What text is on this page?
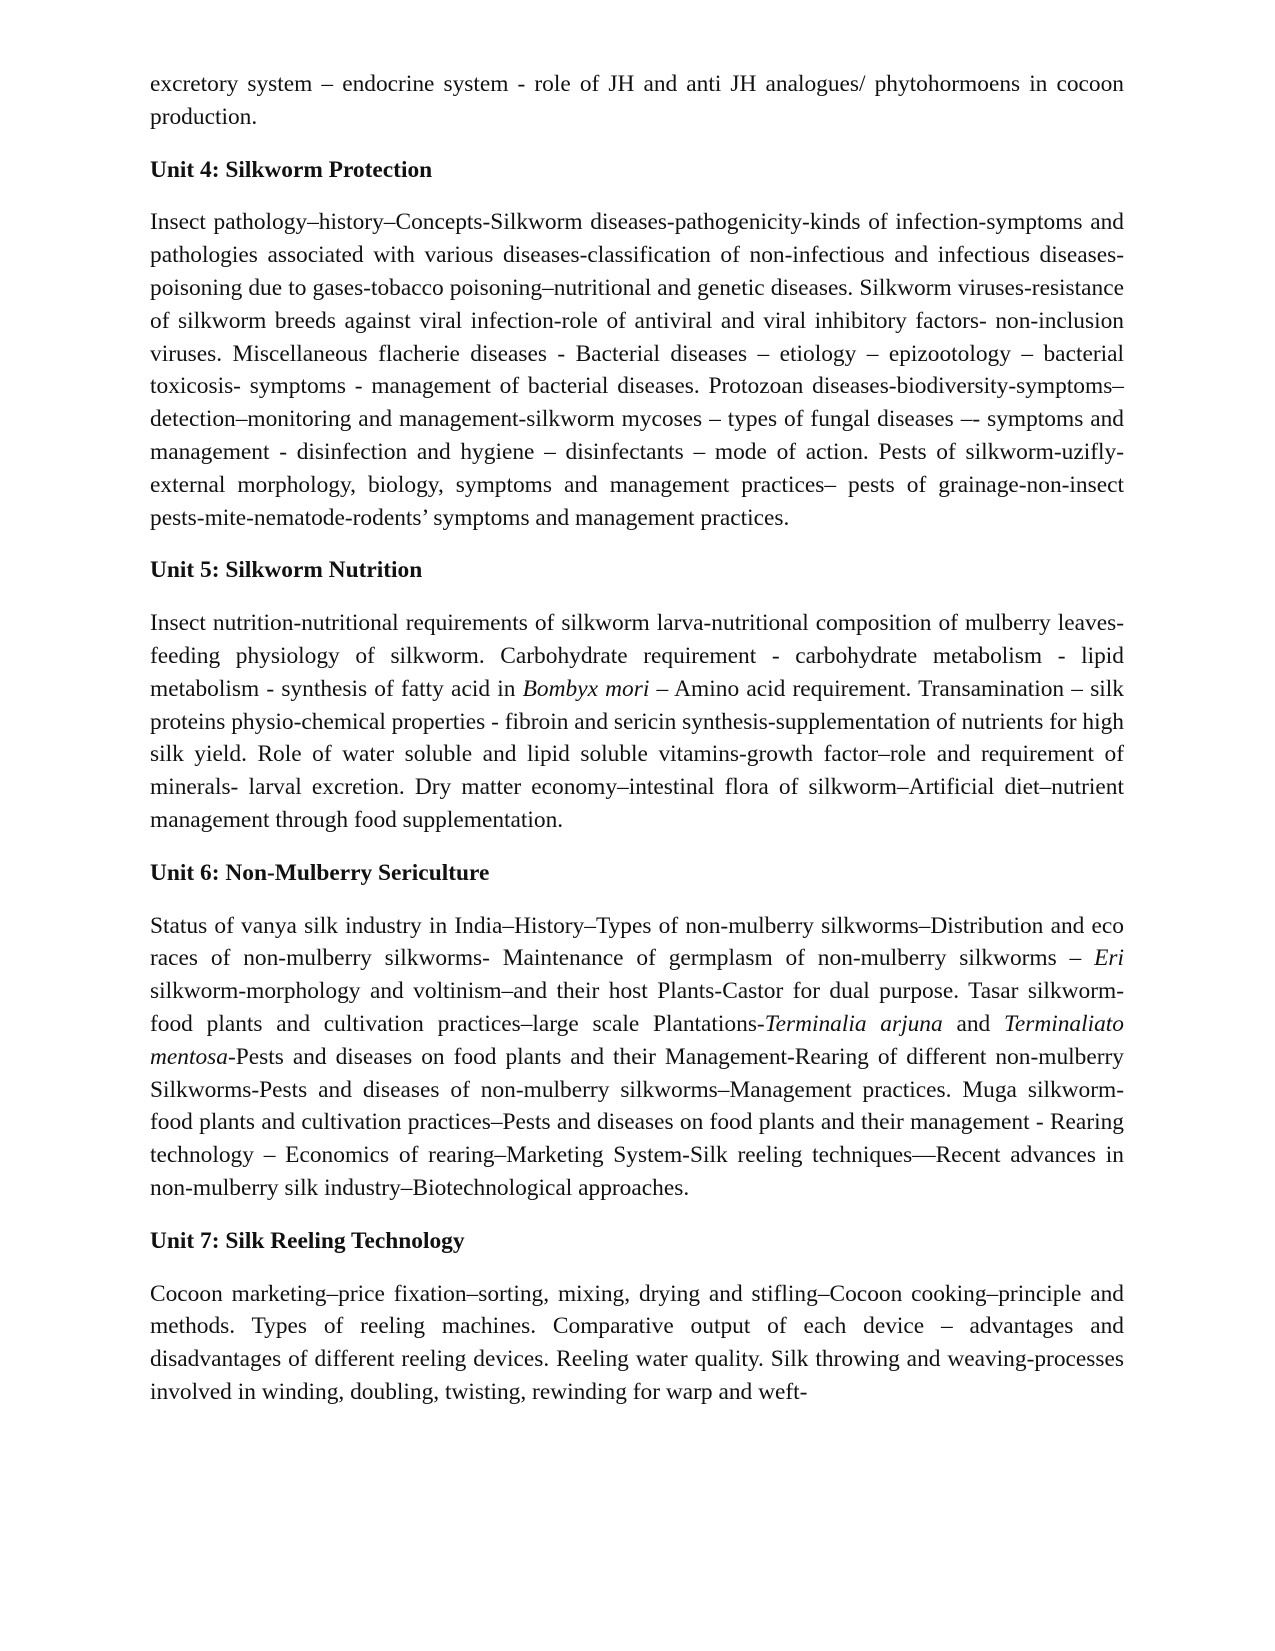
excretory system – endocrine system - role of JH and anti JH analogues/ phytohormoens in cocoon production.

Unit 4: Silkworm Protection

Insect pathology–history–Concepts-Silkworm diseases-pathogenicity-kinds of infection-symptoms and pathologies associated with various diseases-classification of non-infectious and infectious diseases-poisoning due to gases-tobacco poisoning–nutritional and genetic diseases. Silkworm viruses-resistance of silkworm breeds against viral infection-role of antiviral and viral inhibitory factors- non-inclusion viruses. Miscellaneous flacherie diseases - Bacterial diseases – etiology – epizootology – bacterial toxicosis- symptoms - management of bacterial diseases. Protozoan diseases-biodiversity-symptoms–detection–monitoring and management-silkworm mycoses – types of fungal diseases –- symptoms and management - disinfection and hygiene – disinfectants – mode of action. Pests of silkworm-uzifly-external morphology, biology, symptoms and management practices– pests of grainage-non-insect pests-mite-nematode-rodents’ symptoms and management practices.

Unit 5: Silkworm Nutrition

Insect nutrition-nutritional requirements of silkworm larva-nutritional composition of mulberry leaves-feeding physiology of silkworm. Carbohydrate requirement - carbohydrate metabolism - lipid metabolism - synthesis of fatty acid in Bombyx mori – Amino acid requirement. Transamination – silk proteins physio-chemical properties - fibroin and sericin synthesis-supplementation of nutrients for high silk yield. Role of water soluble and lipid soluble vitamins-growth factor–role and requirement of minerals- larval excretion. Dry matter economy–intestinal flora of silkworm–Artificial diet–nutrient management through food supplementation.

Unit 6: Non-Mulberry Sericulture

Status of vanya silk industry in India–History–Types of non-mulberry silkworms–Distribution and eco races of non-mulberry silkworms- Maintenance of germplasm of non-mulberry silkworms – Eri silkworm-morphology and voltinism–and their host Plants-Castor for dual purpose. Tasar silkworm-food plants and cultivation practices–large scale Plantations-Terminalia arjuna and Terminaliato mentosa-Pests and diseases on food plants and their Management-Rearing of different non-mulberry Silkworms-Pests and diseases of non-mulberry silkworms–Management practices. Muga silkworm-food plants and cultivation practices–Pests and diseases on food plants and their management - Rearing technology – Economics of rearing–Marketing System-Silk reeling techniques—Recent advances in non-mulberry silk industry–Biotechnological approaches.

Unit 7: Silk Reeling Technology

Cocoon marketing–price fixation–sorting, mixing, drying and stifling–Cocoon cooking–principle and methods. Types of reeling machines. Comparative output of each device – advantages and disadvantages of different reeling devices. Reeling water quality. Silk throwing and weaving-processes involved in winding, doubling, twisting, rewinding for warp and weft-
